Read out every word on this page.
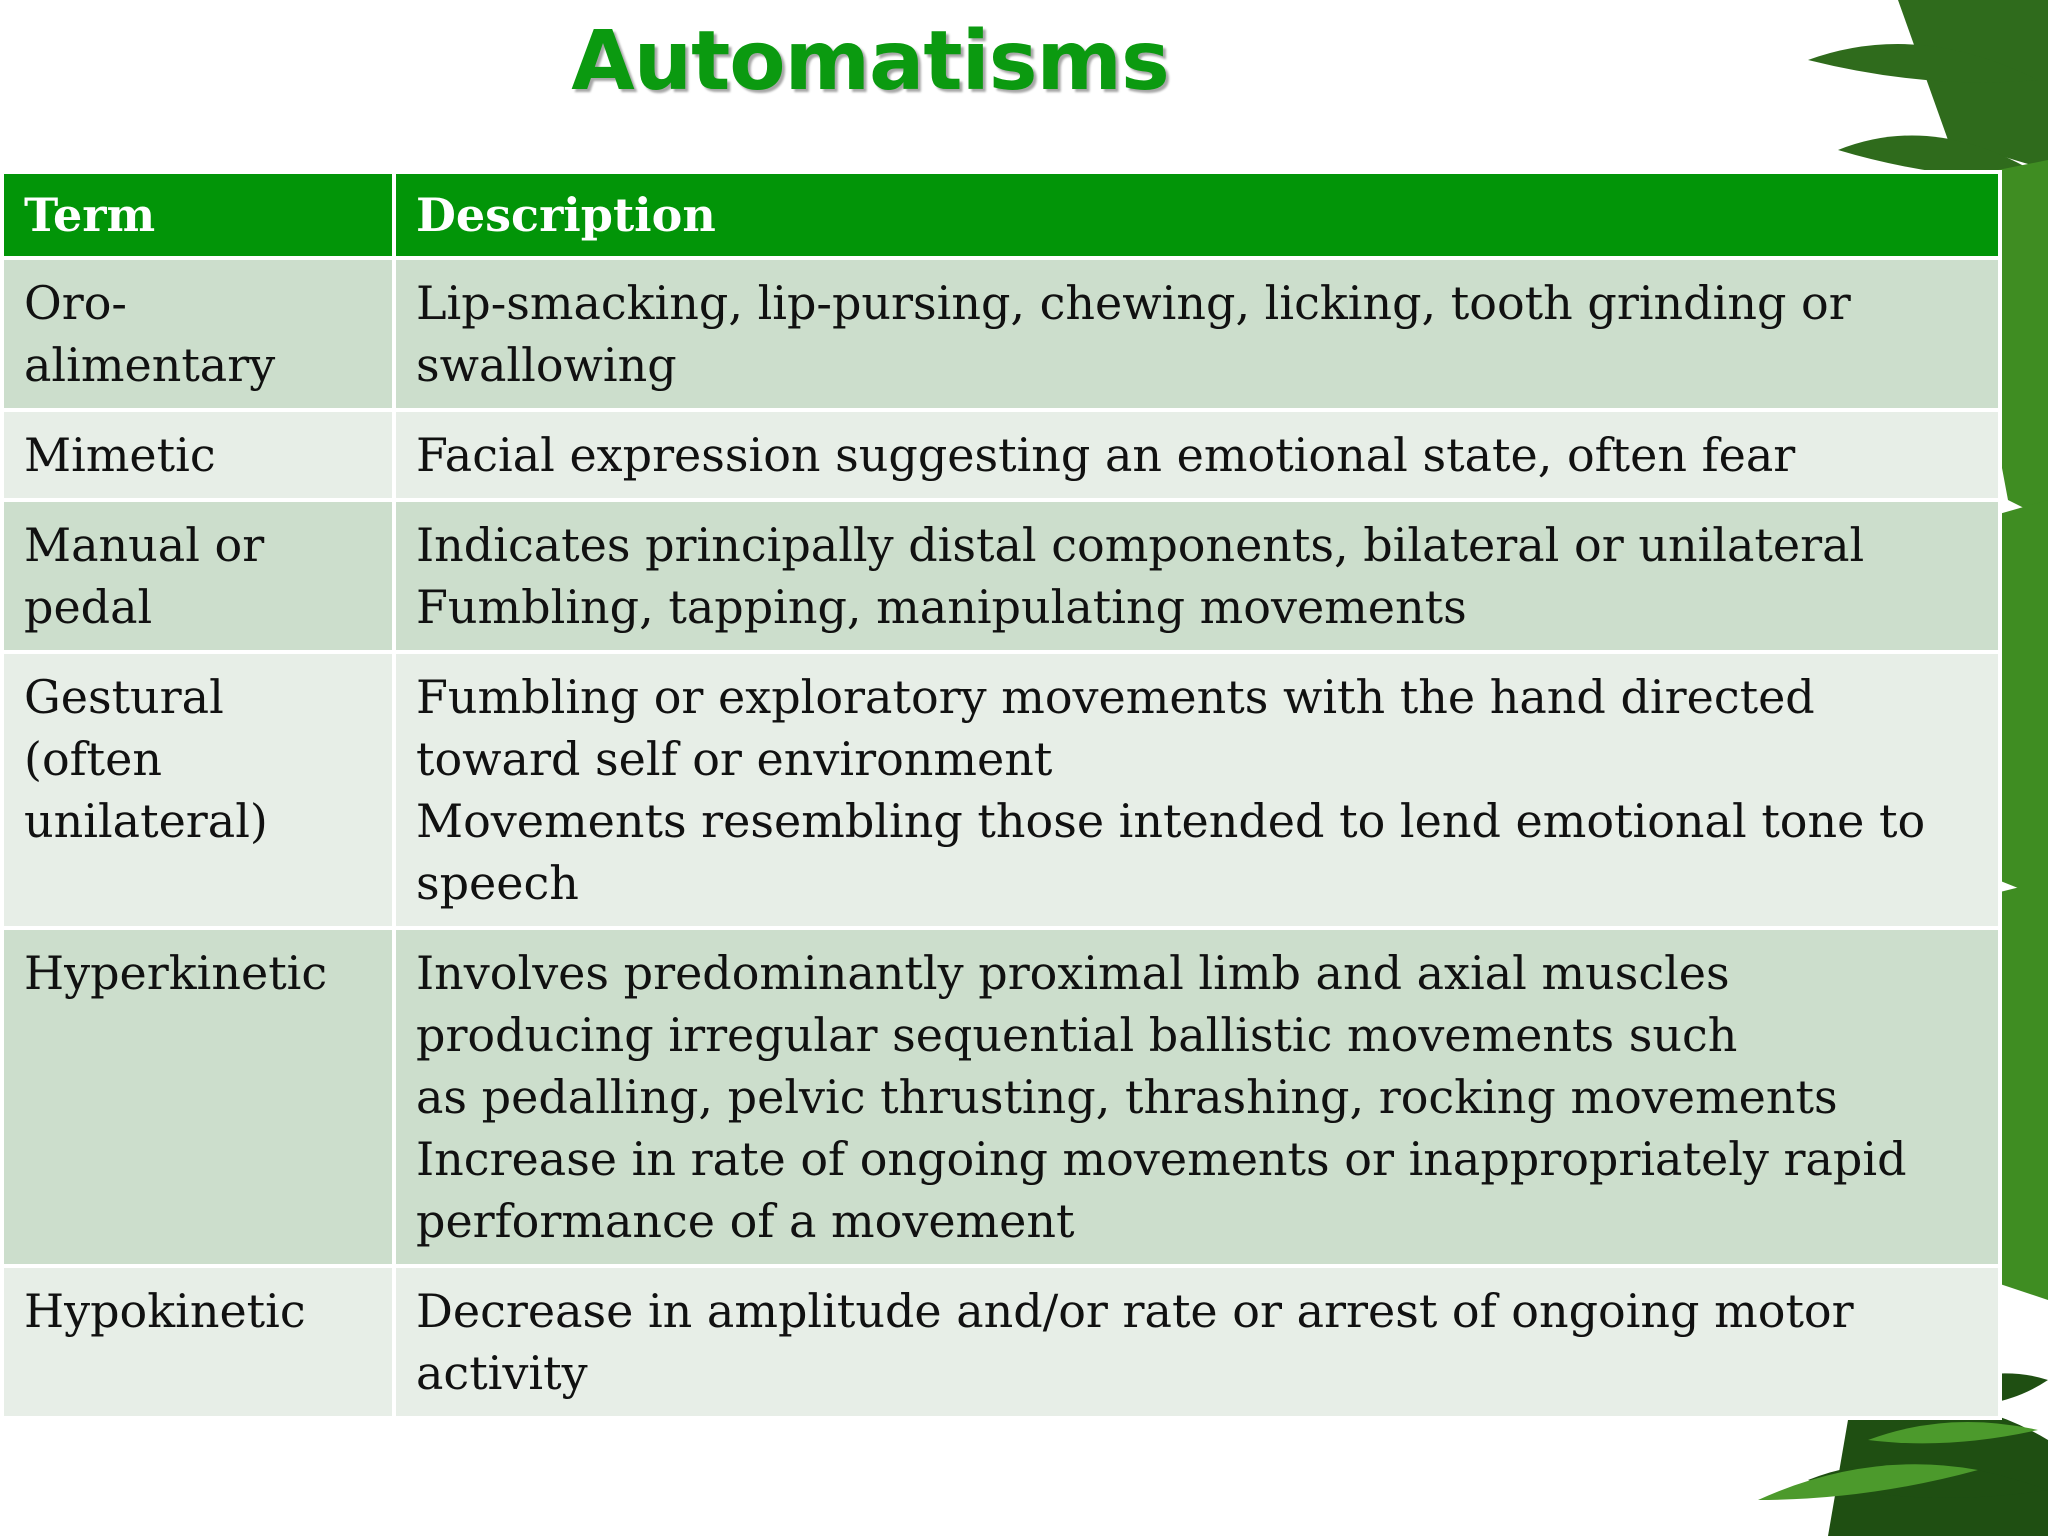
Automatisms
Term	Description
Oro-
alimentary	Lip-smacking, lip-pursing, chewing, licking, tooth grinding or swallowing
Mimetic	Facial expression suggesting an emotional state, often fear
Manual or pedal	Indicates principally distal components, bilateral or unilateral
Fumbling, tapping, manipulating movements
Gestural (often unilateral)	Fumbling or exploratory movements with the hand directed toward self or environment
Movements resembling those intended to lend emotional tone to speech
Hyperkinetic	Involves predominantly proximal limb and axial muscles producing irregular sequential ballistic movements such
as pedalling, pelvic thrusting, thrashing, rocking movements
Increase in rate of ongoing movements or inappropriately rapid performance of a movement
Hypokinetic	Decrease in amplitude and/or rate or arrest of ongoing motor activity
